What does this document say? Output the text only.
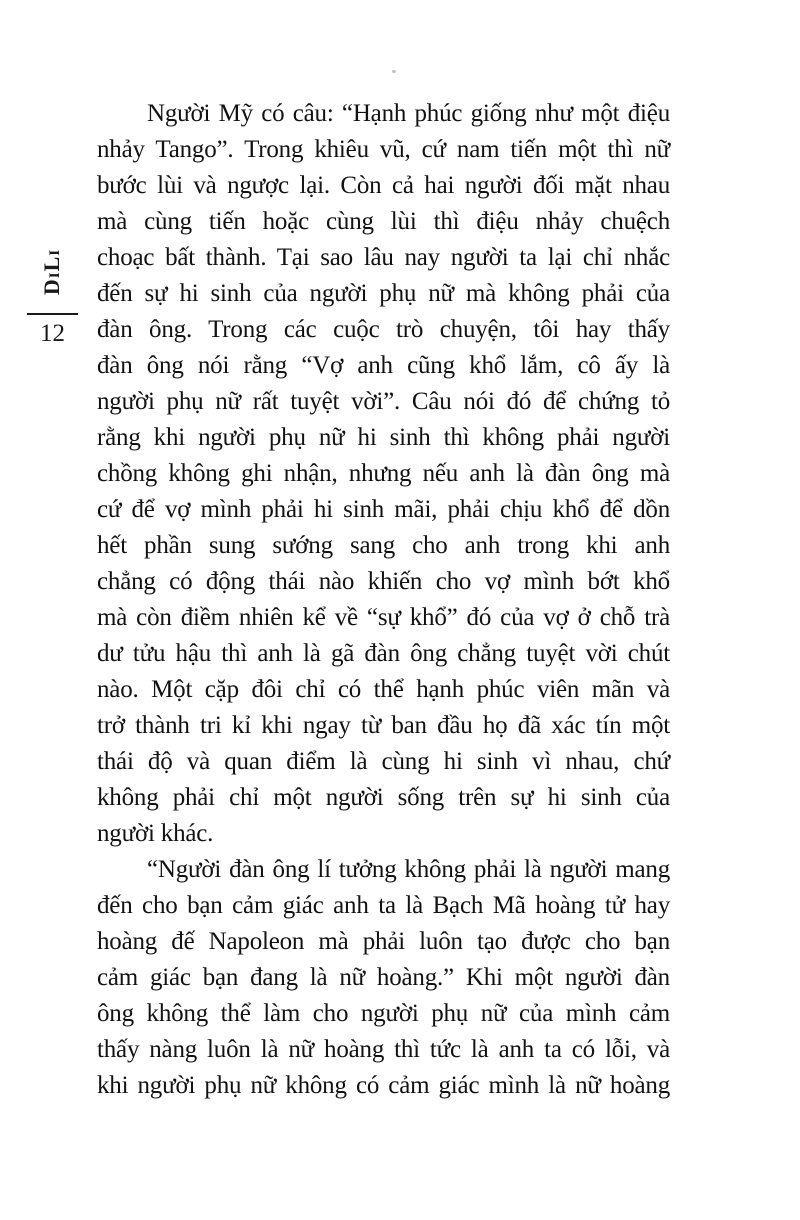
DiLi
12
Người Mỹ có câu: “Hạnh phúc giống như một điệu
nhảy Tango”. Trong khiêu vũ, cứ nam tiến một thì nữ
bước lùi và ngược lại. Còn cả hai người đối mặt nhau
mà cùng tiến hoặc cùng lùi thì điệu nhảy chuệch
choạc bất thành. Tại sao lâu nay người ta lại chỉ nhắc
đến sự hi sinh của người phụ nữ mà không phải của
đàn ông. Trong các cuộc trò chuyện, tôi hay thấy
đàn ông nói rằng “Vợ anh cũng khổ lắm, cô ấy là
người phụ nữ rất tuyệt vời”. Câu nói đó để chứng tỏ
rằng khi người phụ nữ hi sinh thì không phải người
chồng không ghi nhận, nhưng nếu anh là đàn ông mà
cứ để vợ mình phải hi sinh mãi, phải chịu khổ để dồn
hết phần sung sướng sang cho anh trong khi anh
chẳng có động thái nào khiến cho vợ mình bớt khổ
mà còn điềm nhiên kể về “sự khổ” đó của vợ ở chỗ trà
dư tửu hậu thì anh là gã đàn ông chẳng tuyệt vời chút
nào. Một cặp đôi chỉ có thể hạnh phúc viên mãn và
trở thành tri kỉ khi ngay từ ban đầu họ đã xác tín một
thái độ và quan điểm là cùng hi sinh vì nhau, chứ
không phải chỉ một người sống trên sự hi sinh của
người khác.
“Người đàn ông lí tưởng không phải là người mang
đến cho bạn cảm giác anh ta là Bạch Mã hoàng tử hay
hoàng đế Napoleon mà phải luôn tạo được cho bạn
cảm giác bạn đang là nữ hoàng.” Khi một người đàn
ông không thể làm cho người phụ nữ của mình cảm
thấy nàng luôn là nữ hoàng thì tức là anh ta có lỗi, và
khi người phụ nữ không có cảm giác mình là nữ hoàng
